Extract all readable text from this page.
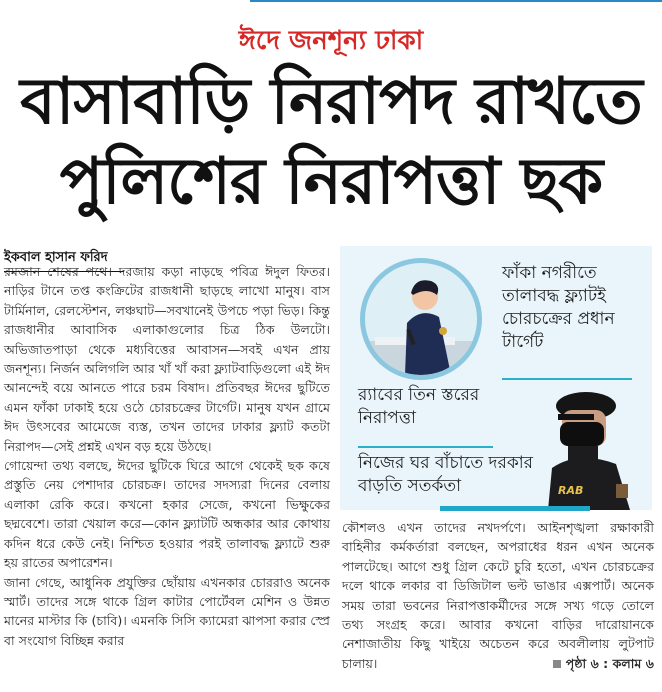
ঈদে জনশূন্য ঢাকা
বাসাবাড়ি নিরাপদ রাখতে
পুলিশের নিরাপত্তা ছক
ইকবাল হাসান ফরিদ

রমজান শেষের পথে। দরজায় কড়া নাড়ছে পবিত্র ঈদুল ফিতর। নাড়ির টানে তপ্ত কংক্রিটের রাজধানী ছাড়ছে লাখো মানুষ। বাস টার্মিনাল, রেলস্টেশন, লঞ্চঘাট—সবখানেই উপচে পড়া ভিড়। কিন্তু রাজধানীর আবাসিক এলাকাগুলোর চিত্র ঠিক উলটো। অভিজাতপাড়া থেকে মধ্যবিত্তের আবাসন—সবই এখন প্রায় জনশূন্য। নির্জন অলিগলি আর খাঁ খাঁ করা ফ্ল্যাটবাড়িগুলো এই ঈদ আনন্দেই বয়ে আনতে পারে চরম বিষাদ। প্রতিবছর ঈদের ছুটিতে এমন ফাঁকা ঢাকাই হয়ে ওঠে চোরচক্রের টার্গেট। মানুষ যখন গ্রামে ঈদ উৎসবের আমেজে ব্যস্ত, তখন তাদের ঢাকার ফ্ল্যাট কতটা নিরাপদ—সেই প্রশ্নই এখন বড় হয়ে উঠছে।

গোয়েন্দা তথ্য বলছে, ঈদের ছুটিকে ঘিরে আগে থেকেই ছক কষে প্রস্তুতি নেয় পেশাদার চোরচক্র। তাদের সদস্যরা দিনের বেলায় এলাকা রেকি করে। কখনো হকার সেজে, কখনো ভিক্ষুকের ছদ্মবেশে। তারা খেয়াল করে—কোন ফ্ল্যাটটি অন্ধকার আর কোথায় কদিন ধরে কেউ নেই। নিশ্চিত হওয়ার পরই তালাবদ্ধ ফ্ল্যাটে শুরু হয় রাতের অপারেশন।

জানা গেছে, আধুনিক প্রযুক্তির ছোঁয়ায় এখনকার চোররাও অনেক স্মার্ট। তাদের সঙ্গে থাকে গ্রিল কাটার পোর্টেবল মেশিন ও উন্নত মানের মাস্টার কি (চাবি)। এমনকি সিসি ক্যামেরা ঝাপসা করার স্প্রে বা সংযোগ বিচ্ছিন্ন করার

ফাঁকা নগরীতে তালাবদ্ধ ফ্ল্যাটই চোরচক্রের প্রধান টার্গেট
র‍্যাবের তিন স্তরের নিরাপত্তা
নিজের ঘর বাঁচাতে দরকার বাড়তি সতর্কতা	RAB

কৌশলও এখন তাদের নখদর্পণে। আইনশৃঙ্খলা রক্ষাকারী বাহিনীর কর্মকর্তারা বলছেন, অপরাধের ধরন এখন অনেক পালটেছে। আগে শুধু গ্রিল কেটে চুরি হতো, এখন চোরচক্রের দলে থাকে লকার বা ডিজিটাল ভল্ট ভাঙার এক্সপার্ট। অনেক সময় তারা ভবনের নিরাপত্তাকর্মীদের সঙ্গে সখ্য গড়ে তোলে তথ্য সংগ্রহ করে। আবার কখনো বাড়ির দারোয়ানকে নেশাজাতীয় কিছু খাইয়ে অচেতন করে অবলীলায় লুটপাট চালায়।	পৃষ্ঠা ৬ : কলাম ৬
